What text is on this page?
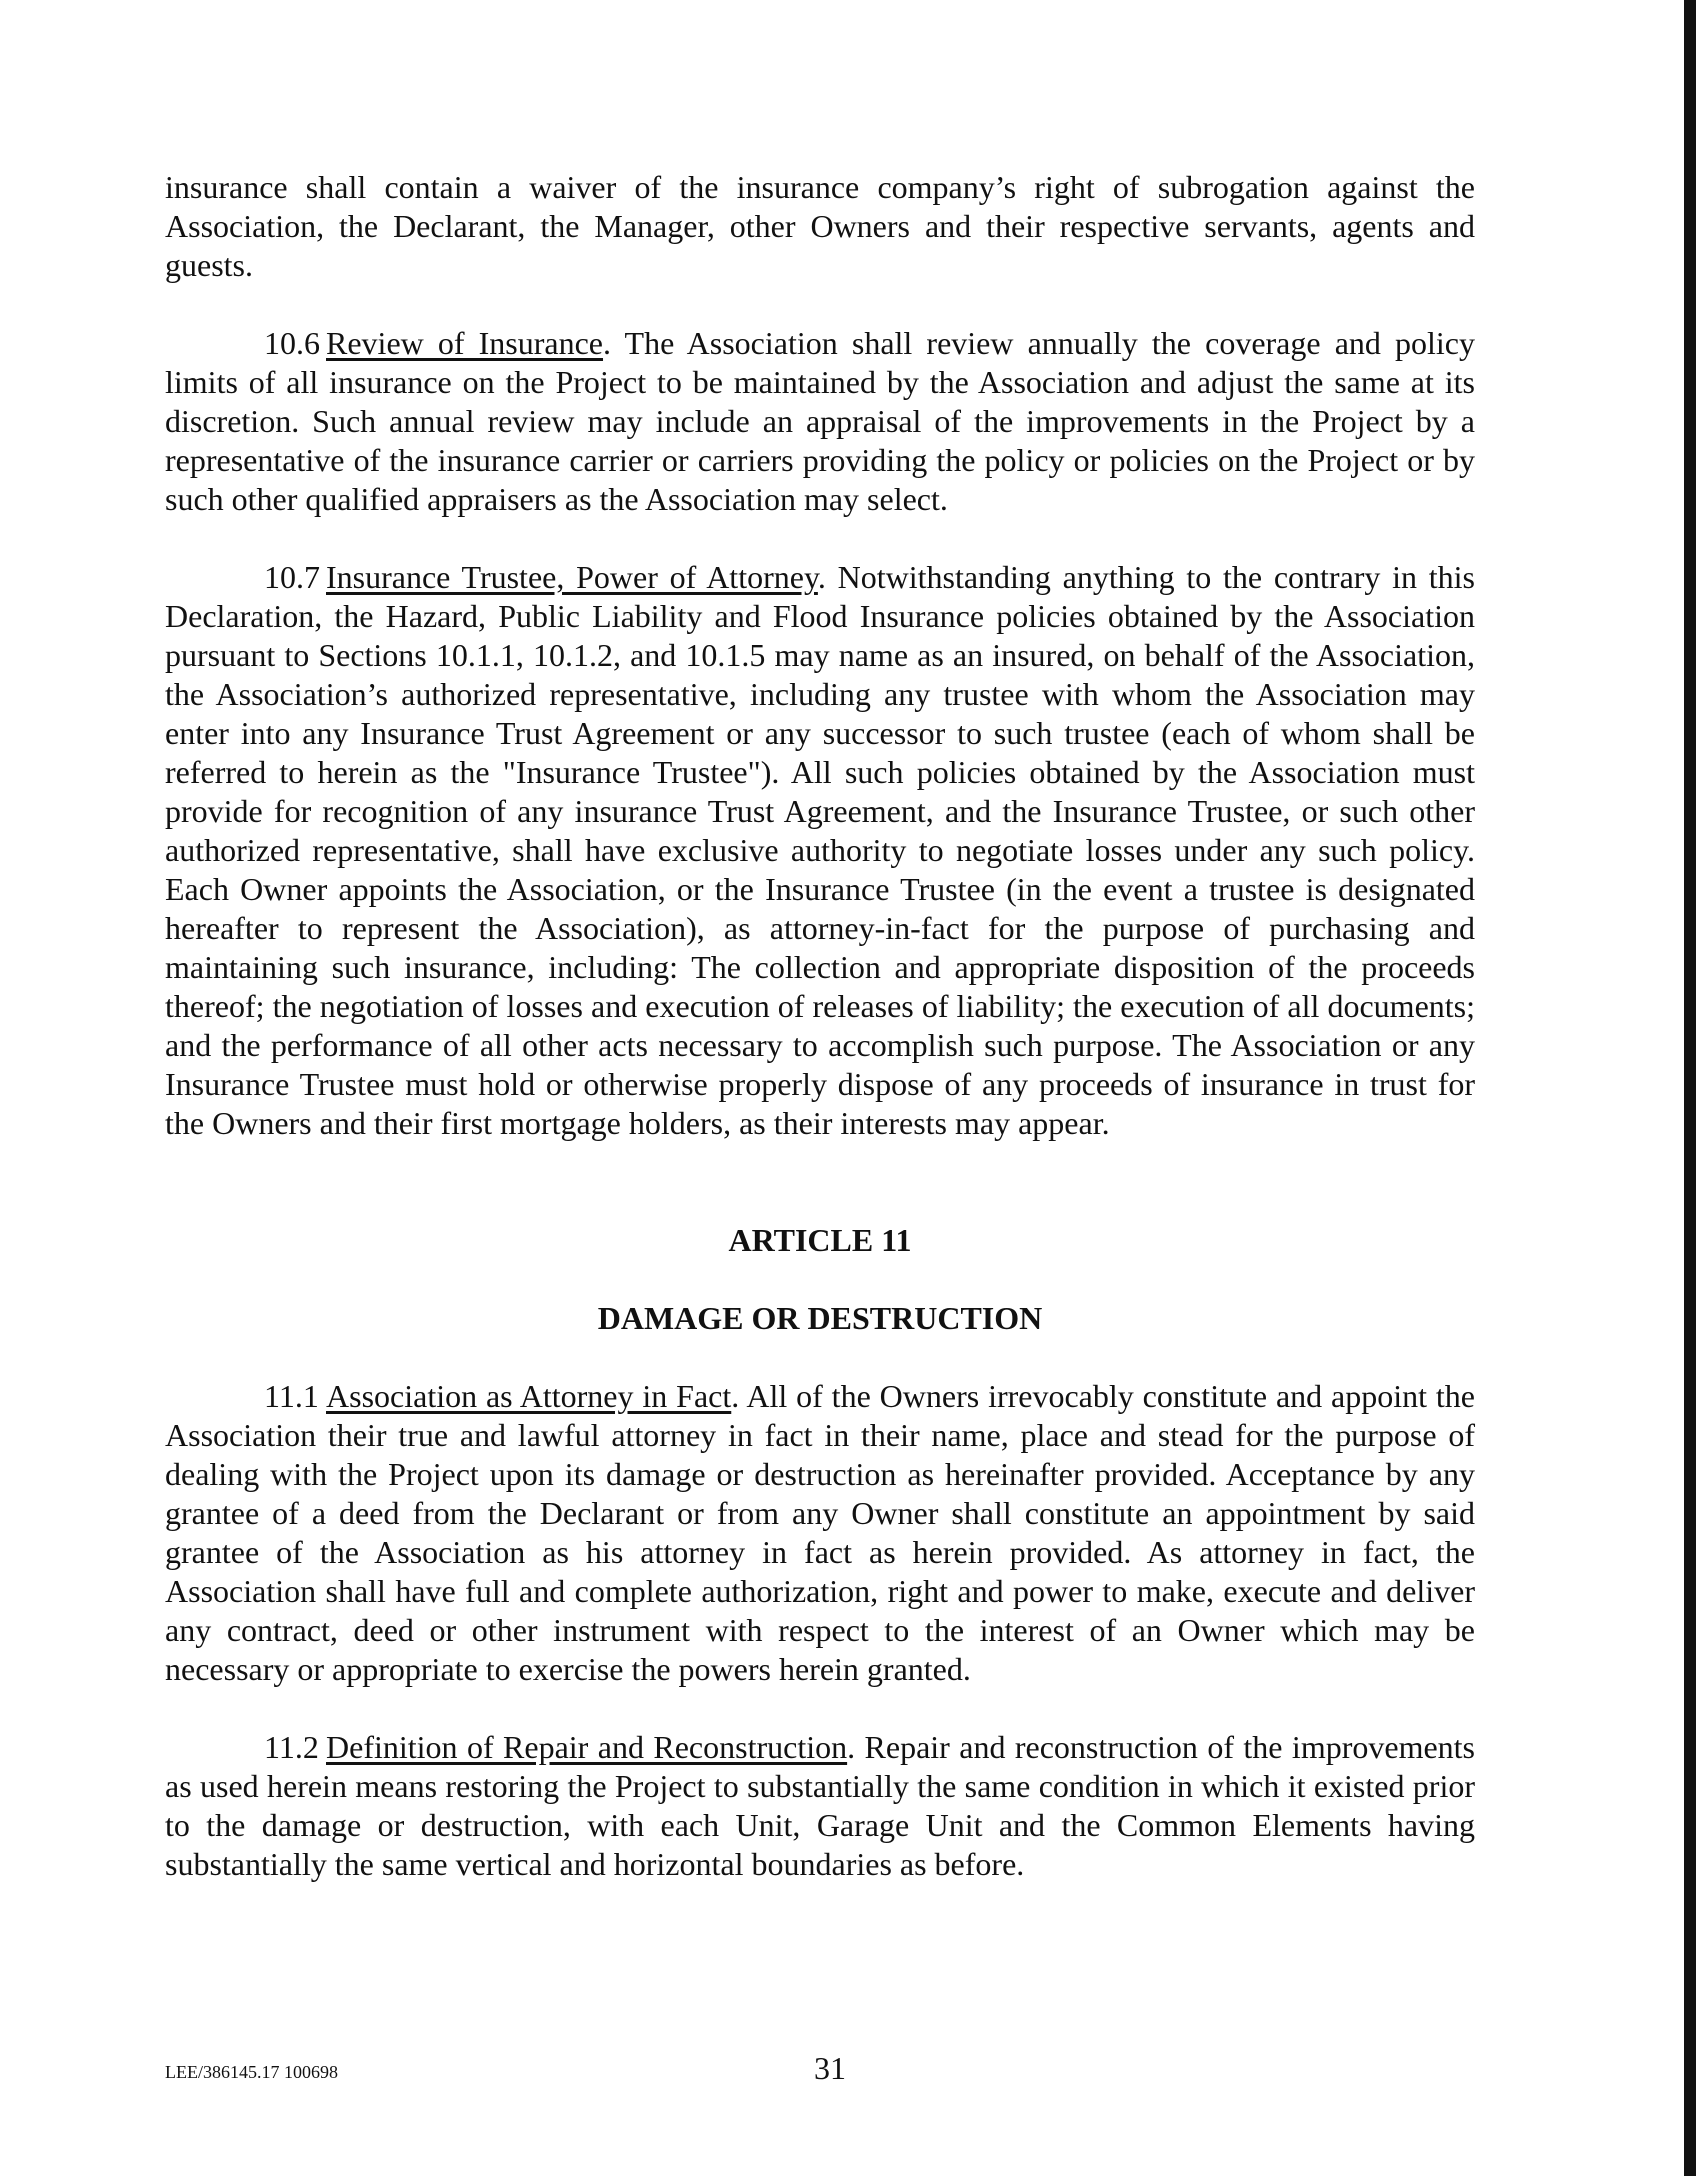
insurance shall contain a waiver of the insurance company’s right of subrogation against the Association, the Declarant, the Manager, other Owners and their respective servants, agents and guests.

10.6 Review of Insurance. The Association shall review annually the coverage and policy limits of all insurance on the Project to be maintained by the Association and adjust the same at its discretion. Such annual review may include an appraisal of the improvements in the Project by a representative of the insurance carrier or carriers providing the policy or policies on the Project or by such other qualified appraisers as the Association may select.

10.7 Insurance Trustee, Power of Attorney. Notwithstanding anything to the contrary in this Declaration, the Hazard, Public Liability and Flood Insurance policies obtained by the Association pursuant to Sections 10.1.1, 10.1.2, and 10.1.5 may name as an insured, on behalf of the Association, the Association’s authorized representative, including any trustee with whom the Association may enter into any Insurance Trust Agreement or any successor to such trustee (each of whom shall be referred to herein as the "Insurance Trustee"). All such policies obtained by the Association must provide for recognition of any insurance Trust Agreement, and the Insurance Trustee, or such other authorized representative, shall have exclusive authority to negotiate losses under any such policy. Each Owner appoints the Association, or the Insurance Trustee (in the event a trustee is designated hereafter to represent the Association), as attorney-in-fact for the purpose of purchasing and maintaining such insurance, including: The collection and appropriate disposition of the proceeds thereof; the negotiation of losses and execution of releases of liability; the execution of all documents; and the performance of all other acts necessary to accomplish such purpose. The Association or any Insurance Trustee must hold or otherwise properly dispose of any proceeds of insurance in trust for the Owners and their first mortgage holders, as their interests may appear.

ARTICLE 11

DAMAGE OR DESTRUCTION

11.1 Association as Attorney in Fact. All of the Owners irrevocably constitute and appoint the Association their true and lawful attorney in fact in their name, place and stead for the purpose of dealing with the Project upon its damage or destruction as hereinafter provided. Acceptance by any grantee of a deed from the Declarant or from any Owner shall constitute an appointment by said grantee of the Association as his attorney in fact as herein provided. As attorney in fact, the Association shall have full and complete authorization, right and power to make, execute and deliver any contract, deed or other instrument with respect to the interest of an Owner which may be necessary or appropriate to exercise the powers herein granted.

11.2 Definition of Repair and Reconstruction. Repair and reconstruction of the improvements as used herein means restoring the Project to substantially the same condition in which it existed prior to the damage or destruction, with each Unit, Garage Unit and the Common Elements having substantially the same vertical and horizontal boundaries as before.

LEE/386145.17 100698	31
